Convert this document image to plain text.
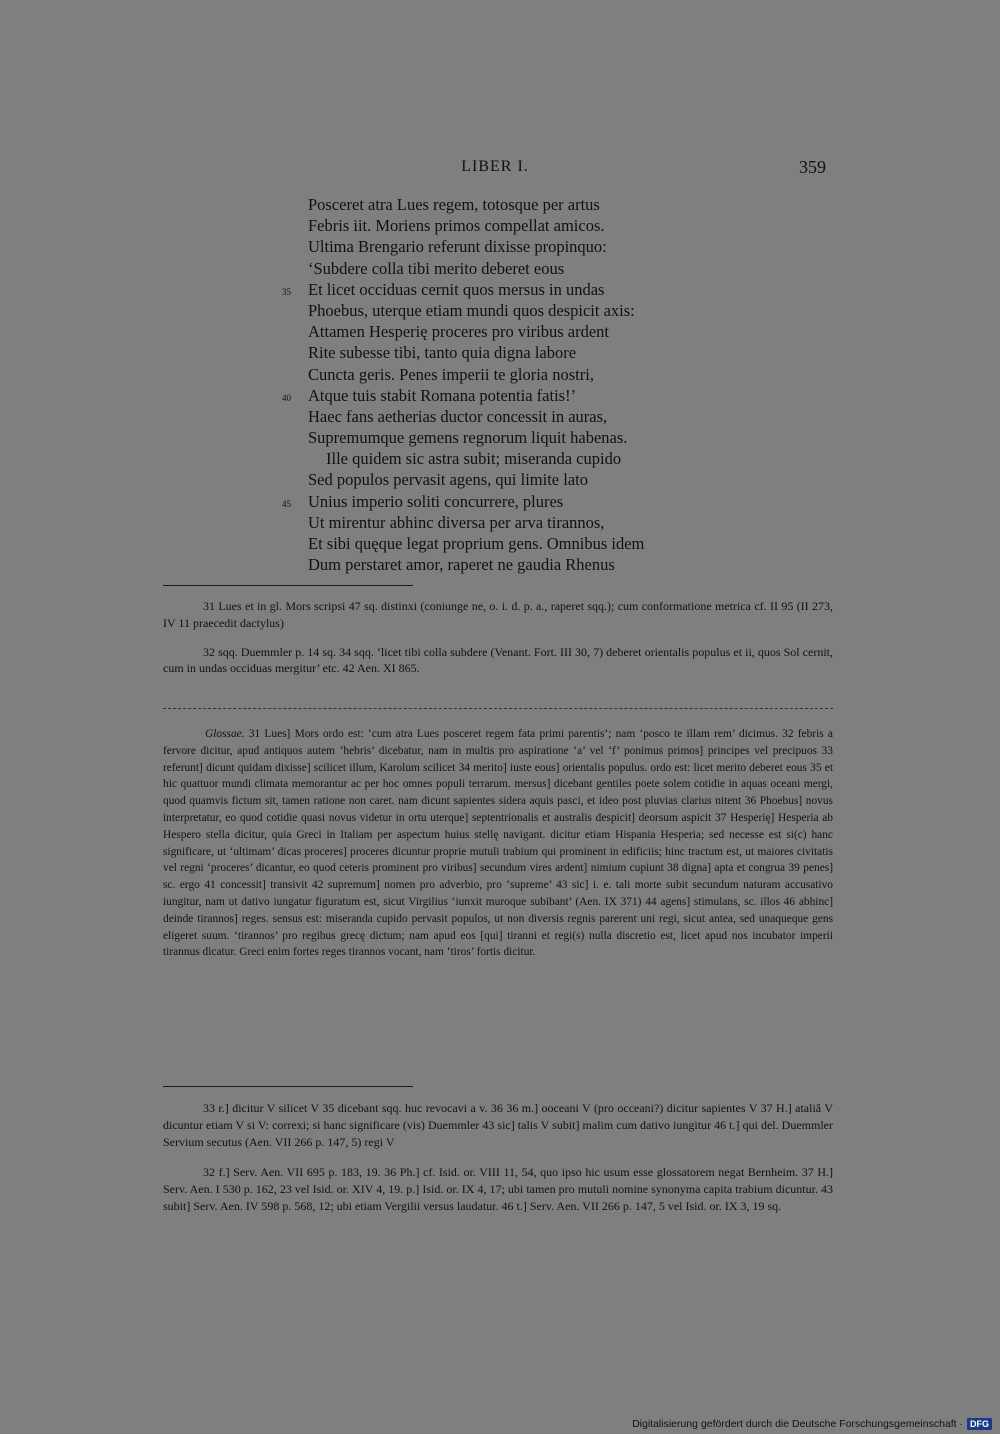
LIBER I.	359
Posceret atra Lues regem, totosque per artus
Febris iit. Moriens primos compellat amicos.
Ultima Brengario referunt dixisse propinquo:
‘Subdere colla tibi merito deberet eous
35 Et licet occiduas cernit quos mersus in undas
Phoebus, uterque etiam mundi quos despicit axis:
Attamen Hesperię proceres pro viribus ardent
Rite subesse tibi, tanto quia digna labore
Cuncta geris. Penes imperii te gloria nostri,
40 Atque tuis stabit Romana potentia fatis!’
Haec fans aetherias ductor concessit in auras,
Supremumque gemens regnorum liquit habenas.
Ille quidem sic astra subit; miseranda cupido
Sed populos pervasit agens, qui limite lato
45 Unius imperio soliti concurrere, plures
Ut mirentur abhinc diversa per arva tirannos,
Et sibi quęque legat proprium gens. Omnibus idem
Dum perstaret amor, raperet ne gaudia Rhenus

31 Lues et in gl. Mors scripsi 47 sq. distinxi (coniunge ne, o. i. d. p. a., raperet sqq.); cum conformatione metrica cf. II 95 (II 273, IV 11 praecedit dactylus)

32 sqq. Duemmler p. 14 sq. 34 sqq. ‘licet tibi colla subdere (Venant. Fort. III 30, 7) deberet orientalis populus et ii, quos Sol cernit, cum in undas occiduas mergitur’ etc. 42 Aen. XI 865.

Glossae. 31 Lues] Mors ordo est: ‘cum atra Lues posceret regem fata primi parentis’; nam ‘posco te illam rem’ dicimus. 32 febris a fervore dicitur, apud antiquos autem ‘hebris’ dicebatur, nam in multis pro aspiratione ‘a’ vel ‘f’ ponimus primos] principes vel precipuos 33 referunt] dicunt quidam dixisse] scilicet illum, Karolum scilicet 34 merito] iuste eous] orientalis populus. ordo est: licet merito deberet eous 35 et hic quattuor mundi climata memorantur ac per hoc omnes populi terrarum. mersus] dicebant gentiles poete solem cotidie in aquas oceani mergi, quod quamvis fictum sit, tamen ratione non caret. nam dicunt sapientes sidera aquis pasci, et ideo post pluvias clarius nitent 36 Phoebus] novus interpretatur, eo quod cotidie quasi novus videtur in ortu uterque] septentrionalis et australis despicit] deorsum aspicit 37 Hesperię] Hesperia ab Hespero stella dicitur, quia Greci in Italiam per aspectum huius stellę navigant. dicitur etiam Hispania Hesperia; sed necesse est si(c) hanc significare, ut ‘ultimam’ dicas proceres] proceres dicuntur proprie mutuli trabium qui prominent in edificiis; hinc tractum est, ut maiores civitatis vel regni ‘proceres’ dicantur, eo quod ceteris prominent pro viribus] secundum vires ardent] nimium cupiunt 38 digna] apta et congrua 39 penes] sc. ergo 41 concessit] transivit 42 supremum] nomen pro adverbio, pro ‘supreme’ 43 sic] i. e. tali morte subit secundum naturam accusativo iungitur, nam ut dativo iungatur figuratum est, sicut Virgilius ‘iunxit muroque subibant’ (Aen. IX 371) 44 agens] stimulans, sc. illos 46 abhinc] deinde tirannos] reges. sensus est: miseranda cupido pervasit populos, ut non diversis regnis parerent uni regi, sicut antea, sed unaqueque gens eligeret suum. ‘tirannos’ pro regibus grecę dictum; nam apud eos [qui] tiranni et regi(s) nulla discretio est, licet apud nos incubator imperii tirannus dicatur. Greci enim fortes reges tirannos vocant, nam ‘tiros’ fortis dicitur.

33 r.] dicitur V silicet V 35 dicebant sqq. huc revocavi a v. 36 36 m.] ooceani V (pro occeani?) dicitur sapientes V 37 H.] ataliă V dicuntur etiam V si V: correxi; si hanc significare (vis) Duemmler 43 sic] talis V subit] malim cum dativo iungitur 46 t.] qui del. Duemmler Servium secutus (Aen. VII 266 p. 147, 5) regi V

32 f.] Serv. Aen. VII 695 p. 183, 19. 36 Ph.] cf. Isid. or. VIII 11, 54, quo ipso hic usum esse glossatorem negat Bernheim. 37 H.] Serv. Aen. I 530 p. 162, 23 vel Isid. or. XIV 4, 19. p.] Isid. or. IX 4, 17; ubi tamen pro mutuli nomine synonyma capita trabium dicuntur. 43 subit] Serv. Aen. IV 598 p. 568, 12; ubi etiam Vergilii versus laudatur. 46 t.] Serv. Aen. VII 266 p. 147, 5 vel Isid. or. IX 3, 19 sq.

Digitalisierung gefördert durch die Deutsche Forschungsgemeinschaft · DFG
